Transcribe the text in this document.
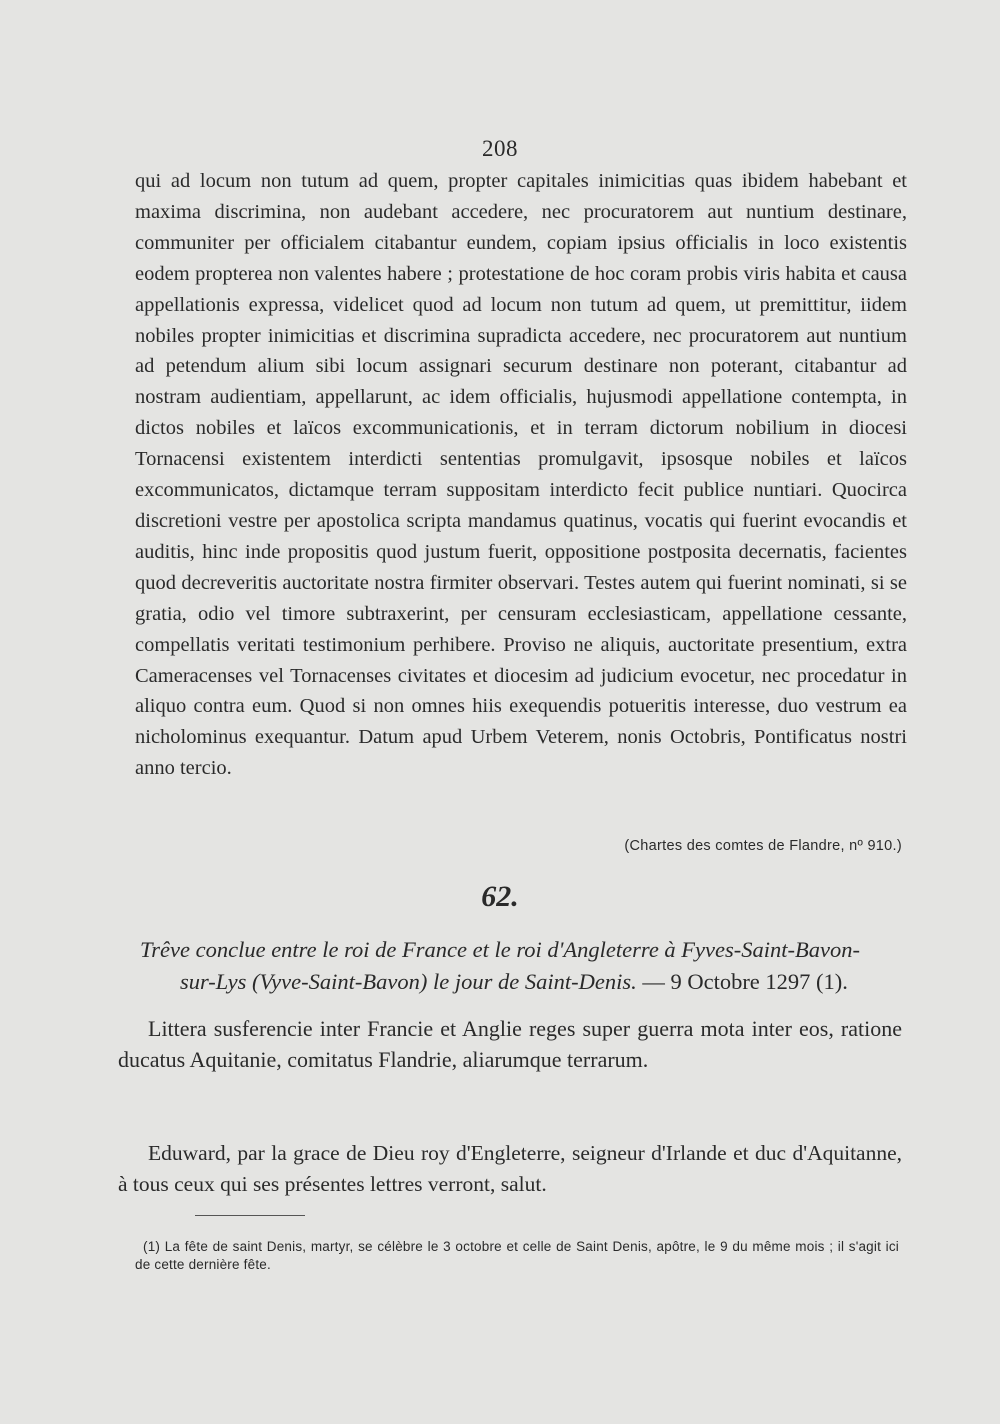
208

qui ad locum non tutum ad quem, propter capitales inimicitias quas ibidem habebant et maxima discrimina, non audebant accedere, nec procuratorem aut nuntium destinare, communiter per officialem citabantur eundem, copiam ipsius officialis in loco existentis eodem propterea non valentes habere ; protestatione de hoc coram probis viris habita et causa appellationis expressa, videlicet quod ad locum non tutum ad quem, ut premittitur, iidem nobiles propter inimicitias et discrimina supradicta accedere, nec procuratorem aut nuntium ad petendum alium sibi locum assignari securum destinare non poterant, citabantur ad nostram audientiam, appellarunt, ac idem officialis, hujusmodi appellatione contempta, in dictos nobiles et laïcos excommunicationis, et in terram dictorum nobilium in diocesi Tornacensi existentem interdicti sententias promulgavit, ipsosque nobiles et laïcos excommunicatos, dictamque terram suppositam interdicto fecit publice nuntiari. Quocirca discretioni vestre per apostolica scripta mandamus quatinus, vocatis qui fuerint evocandis et auditis, hinc inde propositis quod justum fuerit, oppositione postposita decernatis, facientes quod decreveritis auctoritate nostra firmiter observari. Testes autem qui fuerint nominati, si se gratia, odio vel timore subtraxerint, per censuram ecclesiasticam, appellatione cessante, compellatis veritati testimonium perhibere. Proviso ne aliquis, auctoritate presentium, extra Cameracenses vel Tornacenses civitates et diocesim ad judicium evocetur, nec procedatur in aliquo contra eum. Quod si non omnes hiis exequendis potueritis interesse, duo vestrum ea nicholominus exequantur. Datum apud Urbem Veterem, nonis Octobris, Pontificatus nostri anno tercio.

(Chartes des comtes de Flandre, nº 910.)
62.
Trêve conclue entre le roi de France et le roi d'Angleterre à Fyves-Saint-Bavon-
sur-Lys (Vyve-Saint-Bavon) le jour de Saint-Denis. — 9 Octobre 1297 (1).

Littera susferencie inter Francie et Anglie reges super guerra mota inter eos, ratione ducatus Aquitanie, comitatus Flandrie, aliarumque terrarum.

Eduward, par la grace de Dieu roy d'Engleterre, seigneur d'Irlande et duc d'Aquitanne, à tous ceux qui ses présentes lettres verront, salut.

(1) La fête de saint Denis, martyr, se célèbre le 3 octobre et celle de Saint Denis, apôtre, le 9 du même mois ; il s'agit ici de cette dernière fête.
